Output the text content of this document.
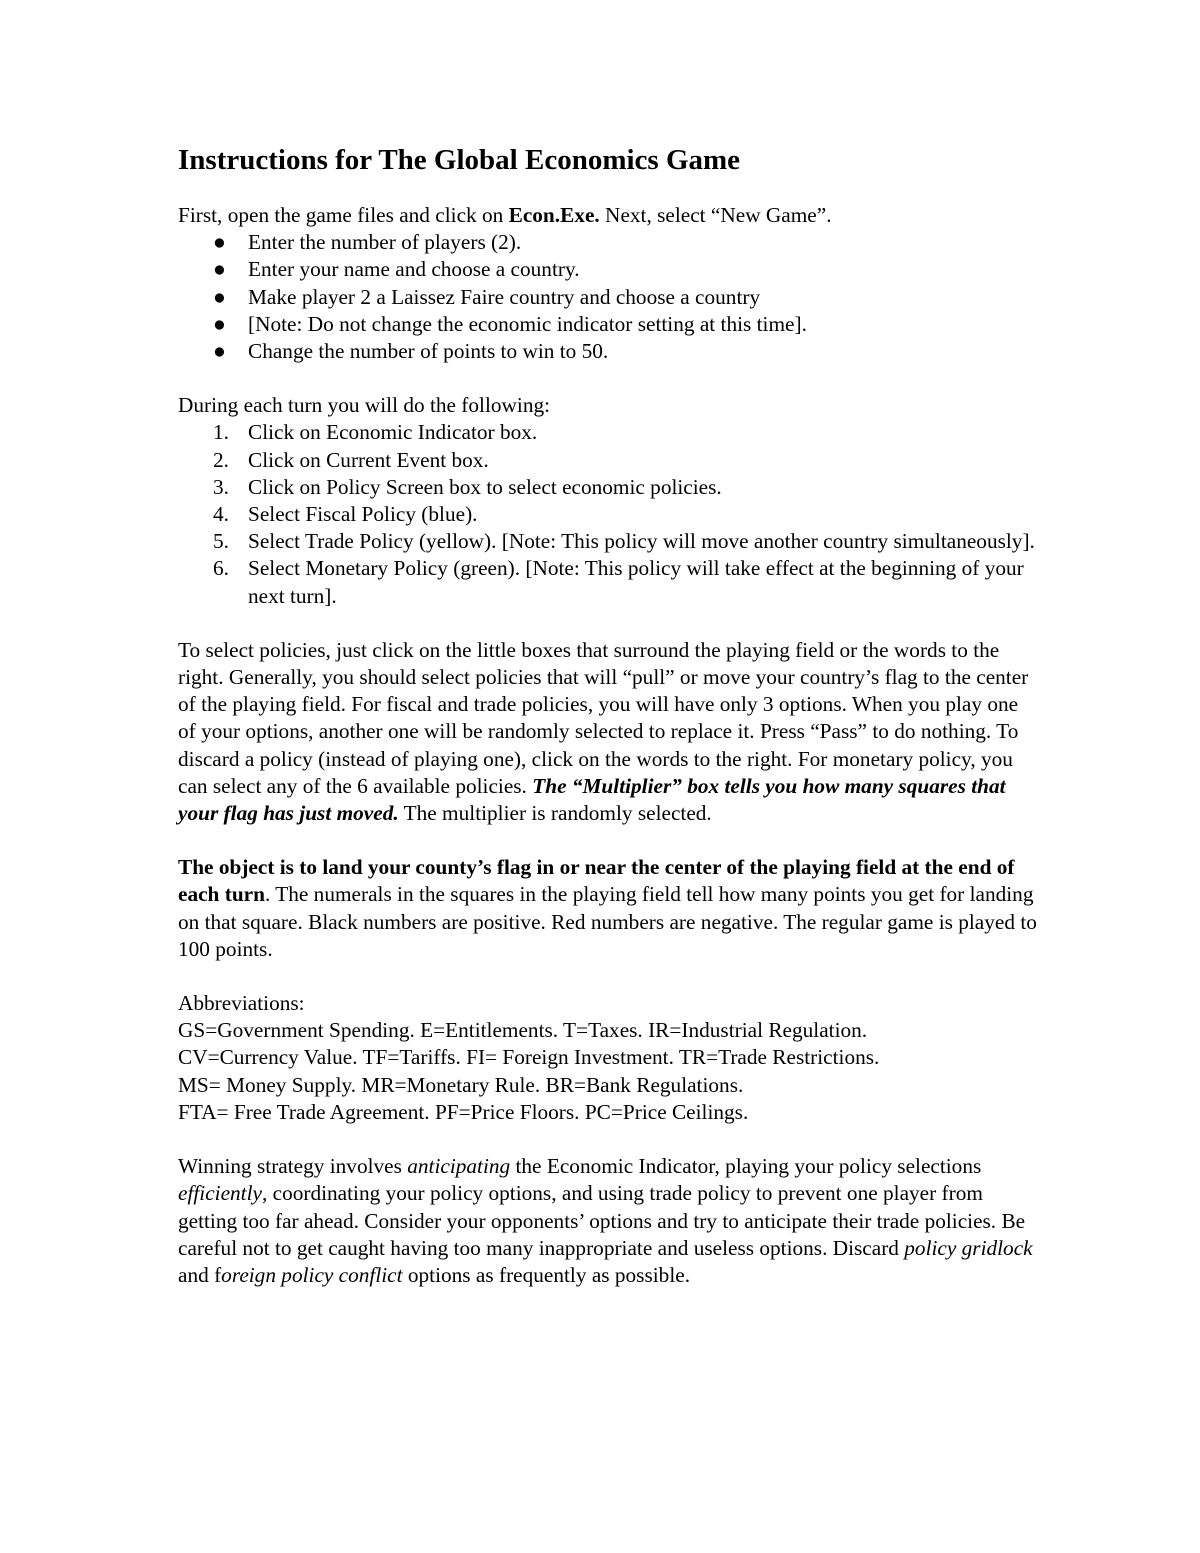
Instructions for The Global Economics Game

First, open the game files and click on Econ.Exe. Next, select “New Game”.

● Enter the number of players (2).
● Enter your name and choose a country.
● Make player 2 a Laissez Faire country and choose a country
● [Note: Do not change the economic indicator setting at this time].
● Change the number of points to win to 50.

During each turn you will do the following:

1. Click on Economic Indicator box.
2. Click on Current Event box.
3. Click on Policy Screen box to select economic policies.
4. Select Fiscal Policy (blue).
5. Select Trade Policy (yellow). [Note: This policy will move another country simultaneously].
6. Select Monetary Policy (green). [Note: This policy will take effect at the beginning of your next turn].

To select policies, just click on the little boxes that surround the playing field or the words to the right. Generally, you should select policies that will “pull” or move your country’s flag to the center of the playing field. For fiscal and trade policies, you will have only 3 options. When you play one of your options, another one will be randomly selected to replace it. Press “Pass” to do nothing. To discard a policy (instead of playing one), click on the words to the right. For monetary policy, you can select any of the 6 available policies. The “Multiplier” box tells you how many squares that your flag has just moved. The multiplier is randomly selected.

The object is to land your county’s flag in or near the center of the playing field at the end of each turn. The numerals in the squares in the playing field tell how many points you get for landing on that square. Black numbers are positive. Red numbers are negative. The regular game is played to 100 points.

Abbreviations:

GS=Government Spending. E=Entitlements. T=Taxes. IR=Industrial Regulation.

CV=Currency Value. TF=Tariffs. FI= Foreign Investment. TR=Trade Restrictions.

MS= Money Supply. MR=Monetary Rule. BR=Bank Regulations.

FTA= Free Trade Agreement. PF=Price Floors. PC=Price Ceilings.

Winning strategy involves anticipating the Economic Indicator, playing your policy selections efficiently, coordinating your policy options, and using trade policy to prevent one player from getting too far ahead. Consider your opponents’ options and try to anticipate their trade policies. Be careful not to get caught having too many inappropriate and useless options. Discard policy gridlock and foreign policy conflict options as frequently as possible.
